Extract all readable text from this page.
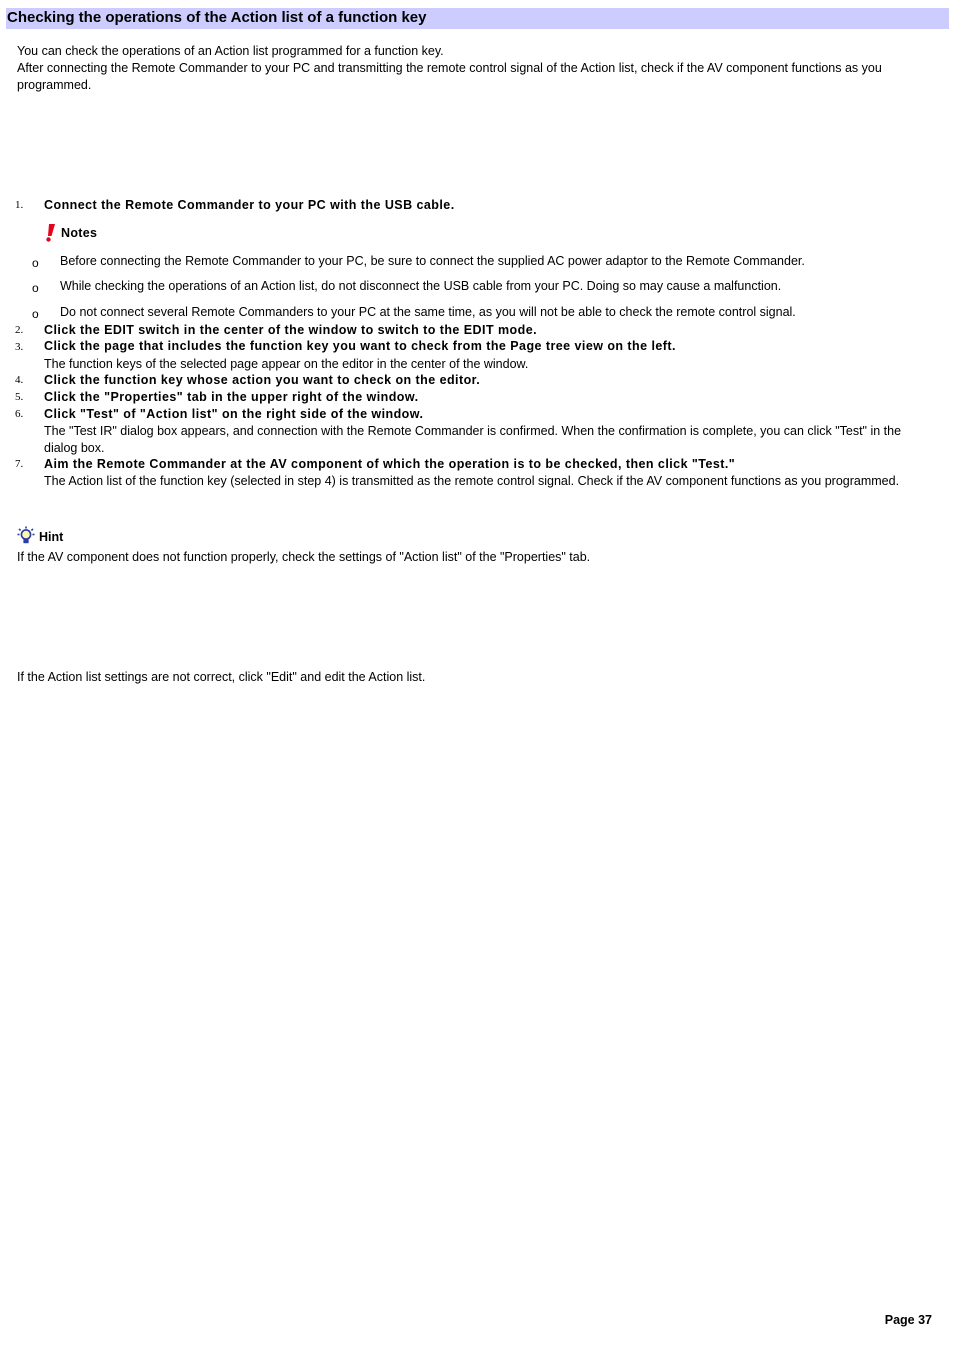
Checking the operations of the Action list of a function key

You can check the operations of an Action list programmed for a function key.

After connecting the Remote Commander to your PC and transmitting the remote control signal of the Action list, check if the AV component functions as you programmed.

1. Connect the Remote Commander to your PC with the USB cable.
Notes
o Before connecting the Remote Commander to your PC, be sure to connect the supplied AC power adaptor to the Remote Commander.
o While checking the operations of an Action list, do not disconnect the USB cable from your PC. Doing so may cause a malfunction.
o Do not connect several Remote Commanders to your PC at the same time, as you will not be able to check the remote control signal.
2. Click the EDIT switch in the center of the window to switch to the EDIT mode.
3. Click the page that includes the function key you want to check from the Page tree view on the left.

The function keys of the selected page appear on the editor in the center of the window.

4. Click the function key whose action you want to check on the editor.
5. Click the "Properties" tab in the upper right of the window.
6. Click "Test" of "Action list" on the right side of the window.

The "Test IR" dialog box appears, and connection with the Remote Commander is confirmed. When the confirmation is complete, you can click "Test" in the dialog box.

7. Aim the Remote Commander at the AV component of which the operation is to be checked, then click "Test."

The Action list of the function key (selected in step 4) is transmitted as the remote control signal. Check if the AV component functions as you programmed.

Hint
If the AV component does not function properly, check the settings of "Action list" of the "Properties" tab.
If the Action list settings are not correct, click "Edit" and edit the Action list.
Page 37
